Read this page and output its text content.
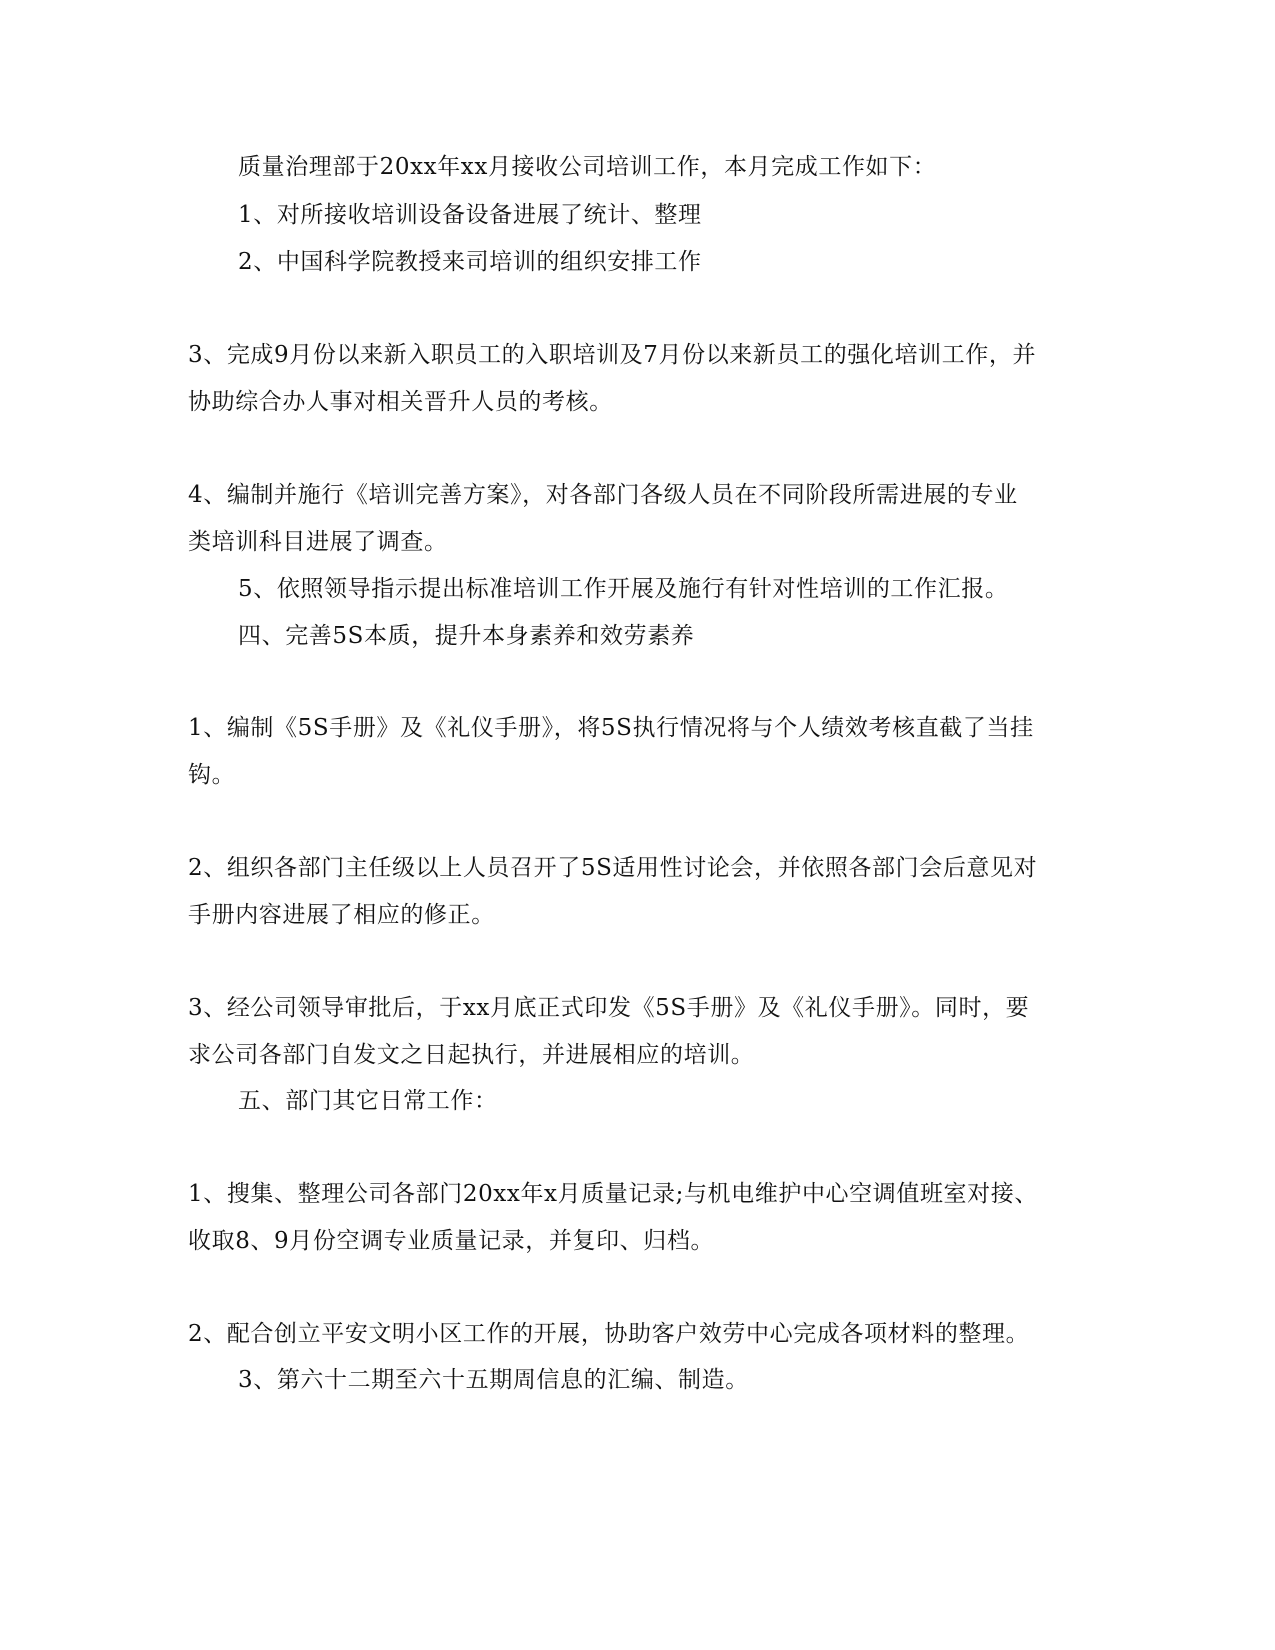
质量治理部于20xx年xx月接收公司培训工作，本月完成工作如下：
1、对所接收培训设备设备进展了统计、整理
2、中国科学院教授来司培训的组织安排工作
3、完成9月份以来新入职员工的入职培训及7月份以来新员工的强化培训工作，并
协助综合办人事对相关晋升人员的考核。
4、编制并施行《培训完善方案》，对各部门各级人员在不同阶段所需进展的专业
类培训科目进展了调查。
5、依照领导指示提出标准培训工作开展及施行有针对性培训的工作汇报。
四、完善5S本质，提升本身素养和效劳素养
1、编制《5S手册》及《礼仪手册》，将5S执行情况将与个人绩效考核直截了当挂
钩。
2、组织各部门主任级以上人员召开了5S适用性讨论会，并依照各部门会后意见对
手册内容进展了相应的修正。
3、经公司领导审批后，于xx月底正式印发《5S手册》及《礼仪手册》。同时，要
求公司各部门自发文之日起执行，并进展相应的培训。
五、部门其它日常工作：
1、搜集、整理公司各部门20xx年x月质量记录;与机电维护中心空调值班室对接、
收取8、9月份空调专业质量记录，并复印、归档。
2、配合创立平安文明小区工作的开展，协助客户效劳中心完成各项材料的整理。
3、第六十二期至六十五期周信息的汇编、制造。
